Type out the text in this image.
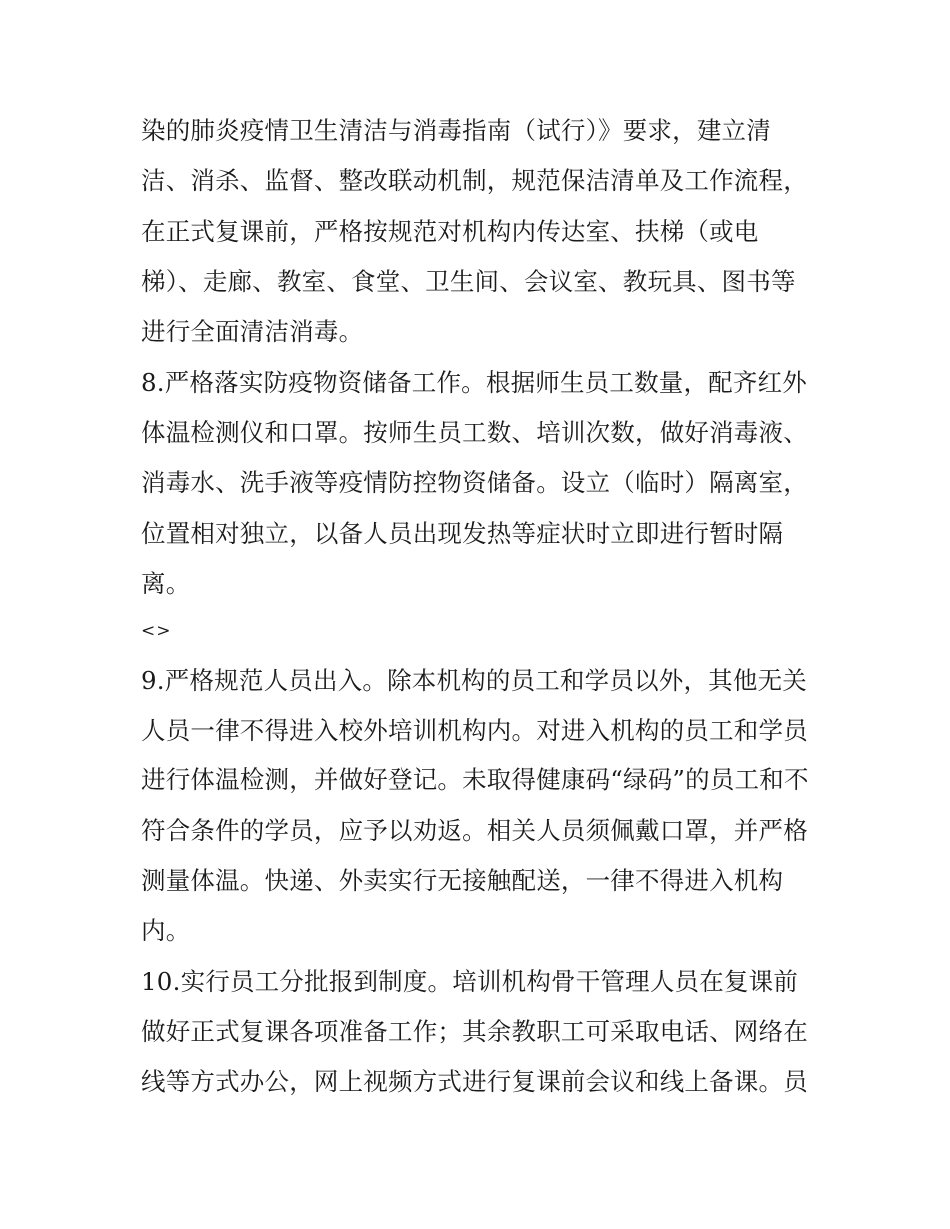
染的肺炎疫情卫生清洁与消毒指南（试行）》要求，建立清
洁、消杀、监督、整改联动机制，规范保洁清单及工作流程，
在正式复课前，严格按规范对机构内传达室、扶梯（或电
梯）、走廊、教室、食堂、卫生间、会议室、教玩具、图书等
进行全面清洁消毒。
8.严格落实防疫物资储备工作。根据师生员工数量，配齐红外
体温检测仪和口罩。按师生员工数、培训次数，做好消毒液、
消毒水、洗手液等疫情防控物资储备。设立（临时）隔离室，
位置相对独立，以备人员出现发热等症状时立即进行暂时隔
离。
<>
9.严格规范人员出入。除本机构的员工和学员以外，其他无关
人员一律不得进入校外培训机构内。对进入机构的员工和学员
进行体温检测，并做好登记。未取得健康码“绿码”的员工和不
符合条件的学员，应予以劝返。相关人员须佩戴口罩，并严格
测量体温。快递、外卖实行无接触配送，一律不得进入机构
内。
10.实行员工分批报到制度。培训机构骨干管理人员在复课前
做好正式复课各项准备工作；其余教职工可采取电话、网络在
线等方式办公，网上视频方式进行复课前会议和线上备课。员
